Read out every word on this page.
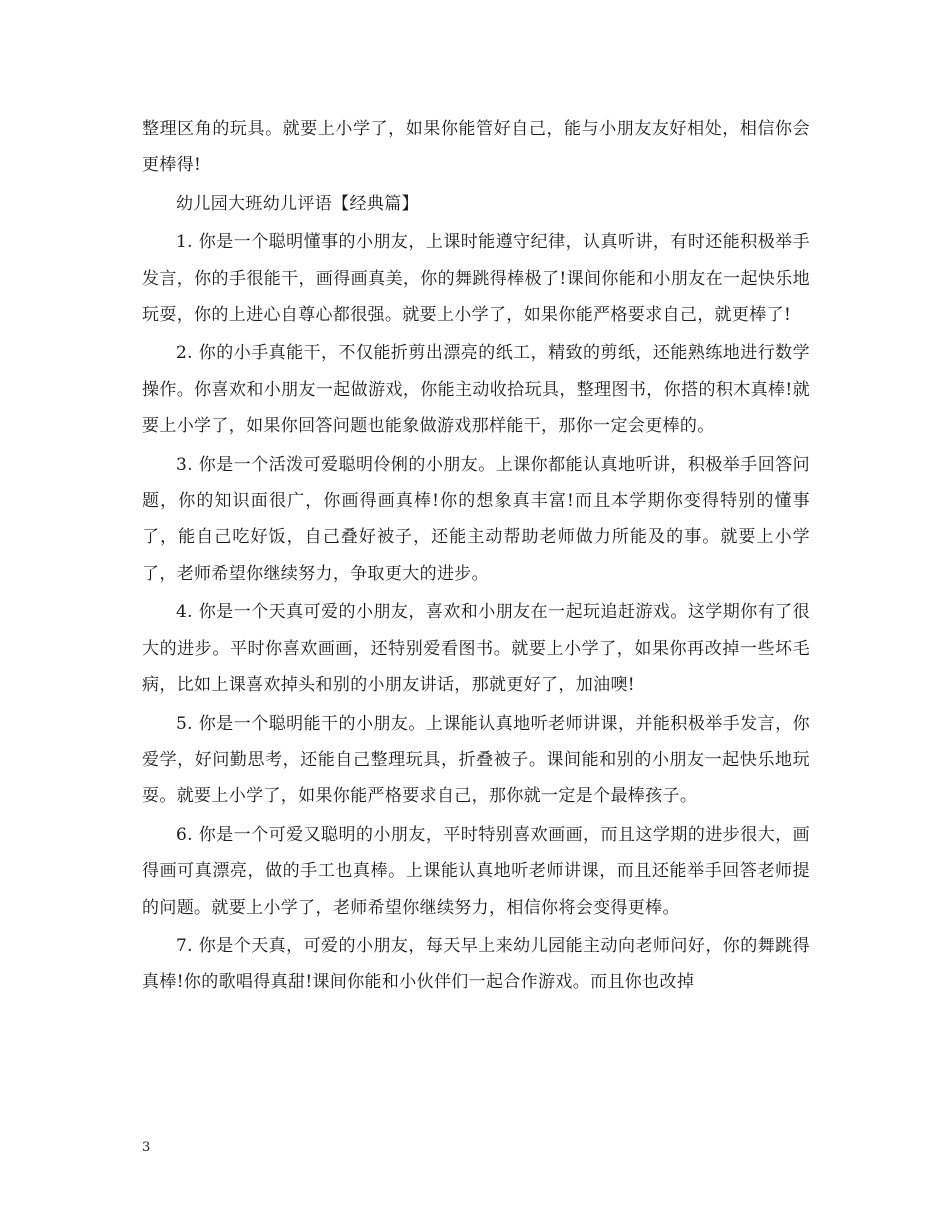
整理区角的玩具。就要上小学了，如果你能管好自己，能与小朋友友好相处，相信你会更棒得!

幼儿园大班幼儿评语【经典篇】

1. 你是一个聪明懂事的小朋友，上课时能遵守纪律，认真听讲，有时还能积极举手发言，你的手很能干，画得画真美，你的舞跳得棒极了!课间你能和小朋友在一起快乐地玩耍，你的上进心自尊心都很强。就要上小学了，如果你能严格要求自己，就更棒了!

2. 你的小手真能干，不仅能折剪出漂亮的纸工，精致的剪纸，还能熟练地进行数学操作。你喜欢和小朋友一起做游戏，你能主动收拾玩具，整理图书，你搭的积木真棒!就要上小学了，如果你回答问题也能象做游戏那样能干，那你一定会更棒的。

3. 你是一个活泼可爱聪明伶俐的小朋友。上课你都能认真地听讲，积极举手回答问题，你的知识面很广，你画得画真棒!你的想象真丰富!而且本学期你变得特别的懂事了，能自己吃好饭，自己叠好被子，还能主动帮助老师做力所能及的事。就要上小学了，老师希望你继续努力，争取更大的进步。

4. 你是一个天真可爱的小朋友，喜欢和小朋友在一起玩追赶游戏。这学期你有了很大的进步。平时你喜欢画画，还特别爱看图书。就要上小学了，如果你再改掉一些坏毛病，比如上课喜欢掉头和别的小朋友讲话，那就更好了，加油噢!

5. 你是一个聪明能干的小朋友。上课能认真地听老师讲课，并能积极举手发言，你爱学，好问勤思考，还能自己整理玩具，折叠被子。课间能和别的小朋友一起快乐地玩耍。就要上小学了，如果你能严格要求自己，那你就一定是个最棒孩子。

6. 你是一个可爱又聪明的小朋友，平时特别喜欢画画，而且这学期的进步很大，画得画可真漂亮，做的手工也真棒。上课能认真地听老师讲课，而且还能举手回答老师提的问题。就要上小学了，老师希望你继续努力，相信你将会变得更棒。

7. 你是个天真，可爱的小朋友，每天早上来幼儿园能主动向老师问好，你的舞跳得真棒!你的歌唱得真甜!课间你能和小伙伴们一起合作游戏。而且你也改掉

3
